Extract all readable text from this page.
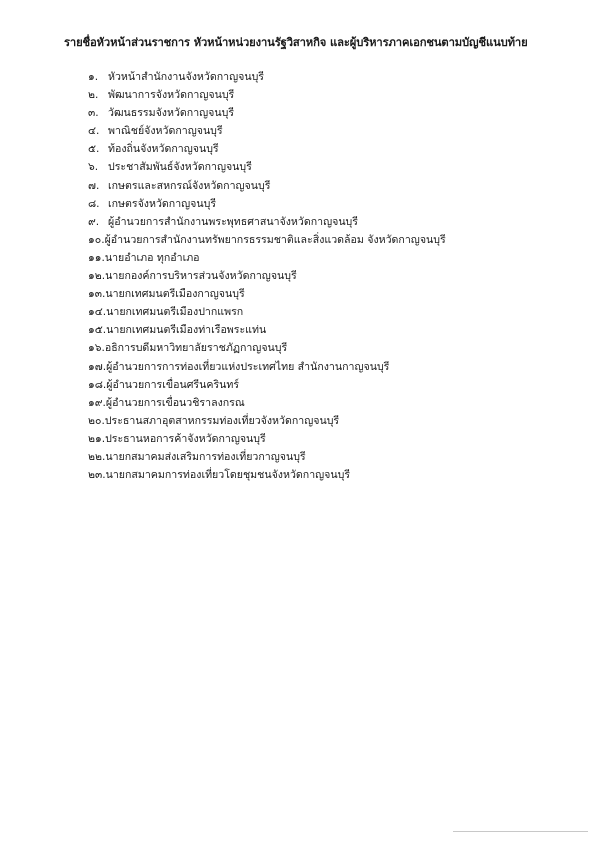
รายชื่อหัวหน้าส่วนราชการ หัวหน้าหน่วยงานรัฐวิสาหกิจ และผู้บริหารภาคเอกชนตามบัญชีแนบท้าย
๑. หัวหน้าสำนักงานจังหวัดกาญจนบุรี
๒. พัฒนาการจังหวัดกาญจนบุรี
๓. วัฒนธรรมจังหวัดกาญจนบุรี
๔. พาณิชย์จังหวัดกาญจนบุรี
๕. ท้องถิ่นจังหวัดกาญจนบุรี
๖. ประชาสัมพันธ์จังหวัดกาญจนบุรี
๗. เกษตรและสหกรณ์จังหวัดกาญจนบุรี
๘. เกษตรจังหวัดกาญจนบุรี
๙. ผู้อำนวยการสำนักงานพระพุทธศาสนาจังหวัดกาญจนบุรี
๑๐.ผู้อำนวยการสำนักงานทรัพยากรธรรมชาติและสิ่งแวดล้อม จังหวัดกาญจนบุรี
๑๑.นายอำเภอ ทุกอำเภอ
๑๒.นายกองค์การบริหารส่วนจังหวัดกาญจนบุรี
๑๓.นายกเทศมนตรีเมืองกาญจนบุรี
๑๔.นายกเทศมนตรีเมืองปากแพรก
๑๕.นายกเทศมนตรีเมืองท่าเรือพระแท่น
๑๖.อธิการบดีมหาวิทยาลัยราชภัฏกาญจนบุรี
๑๗.ผู้อำนวยการการท่องเที่ยวแห่งประเทศไทย สำนักงานกาญจนบุรี
๑๘.ผู้อำนวยการเขื่อนศรีนครินทร์
๑๙.ผู้อำนวยการเขื่อนวชิราลงกรณ
๒๐.ประธานสภาอุตสาหกรรมท่องเที่ยวจังหวัดกาญจนบุรี
๒๑.ประธานหอการค้าจังหวัดกาญจนบุรี
๒๒.นายกสมาคมส่งเสริมการท่องเที่ยวกาญจนบุรี
๒๓.นายกสมาคมการท่องเที่ยวโดยชุมชนจังหวัดกาญจนบุรี
